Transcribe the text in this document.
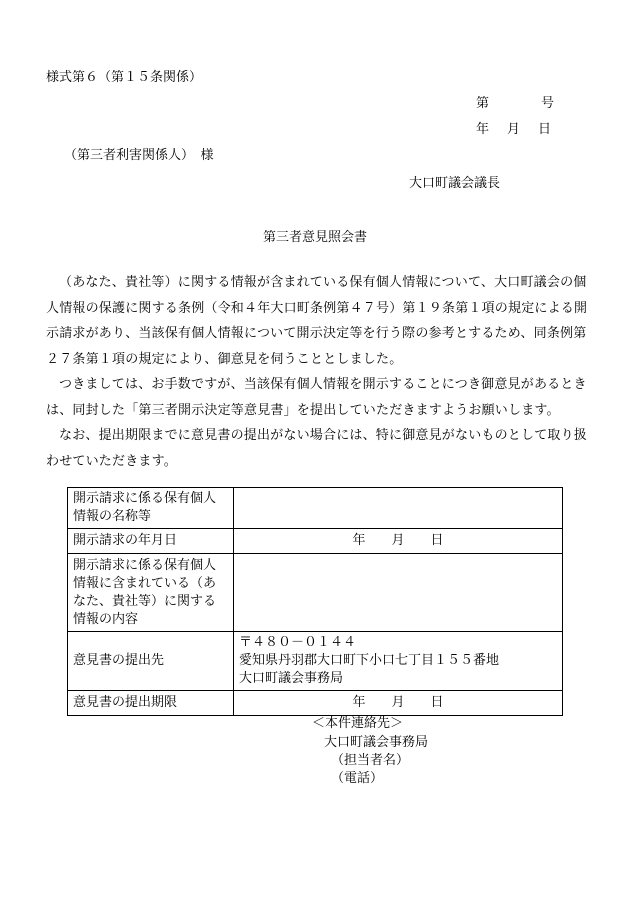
様式第６（第１５条関係）
第	号
年 月 日
（第三者利害関係人）　様
大口町議会議長
第三者意見照会書

（あなた、貴社等）に関する情報が含まれている保有個人情報について、大口町議会の個人情報の保護に関する条例（令和４年大口町条例第４７号）第１９条第１項の規定による開示請求があり、当該保有個人情報について開示決定等を行う際の参考とするため、同条例第２７条第１項の規定により、御意見を伺うこととしました。

つきましては、お手数ですが、当該保有個人情報を開示することにつき御意見があるときは、同封した「第三者開示決定等意見書」を提出していただきますようお願いします。

なお、提出期限までに意見書の提出がない場合には、特に御意見がないものとして取り扱わせていただきます。

開示請求に係る保有個人情報の名称等	
開示請求の年月日	年　　月　　日
開示請求に係る保有個人情報に含まれている（あなた、貴社等）に関する情報の内容	
意見書の提出先	〒４８０－０１４４
愛知県丹羽郡大口町下小口七丁目１５５番地
大口町議会事務局

意見書の提出期限	年　　月　　日
＜本件連絡先＞
大口町議会事務局
（担当者名）
（電話）
